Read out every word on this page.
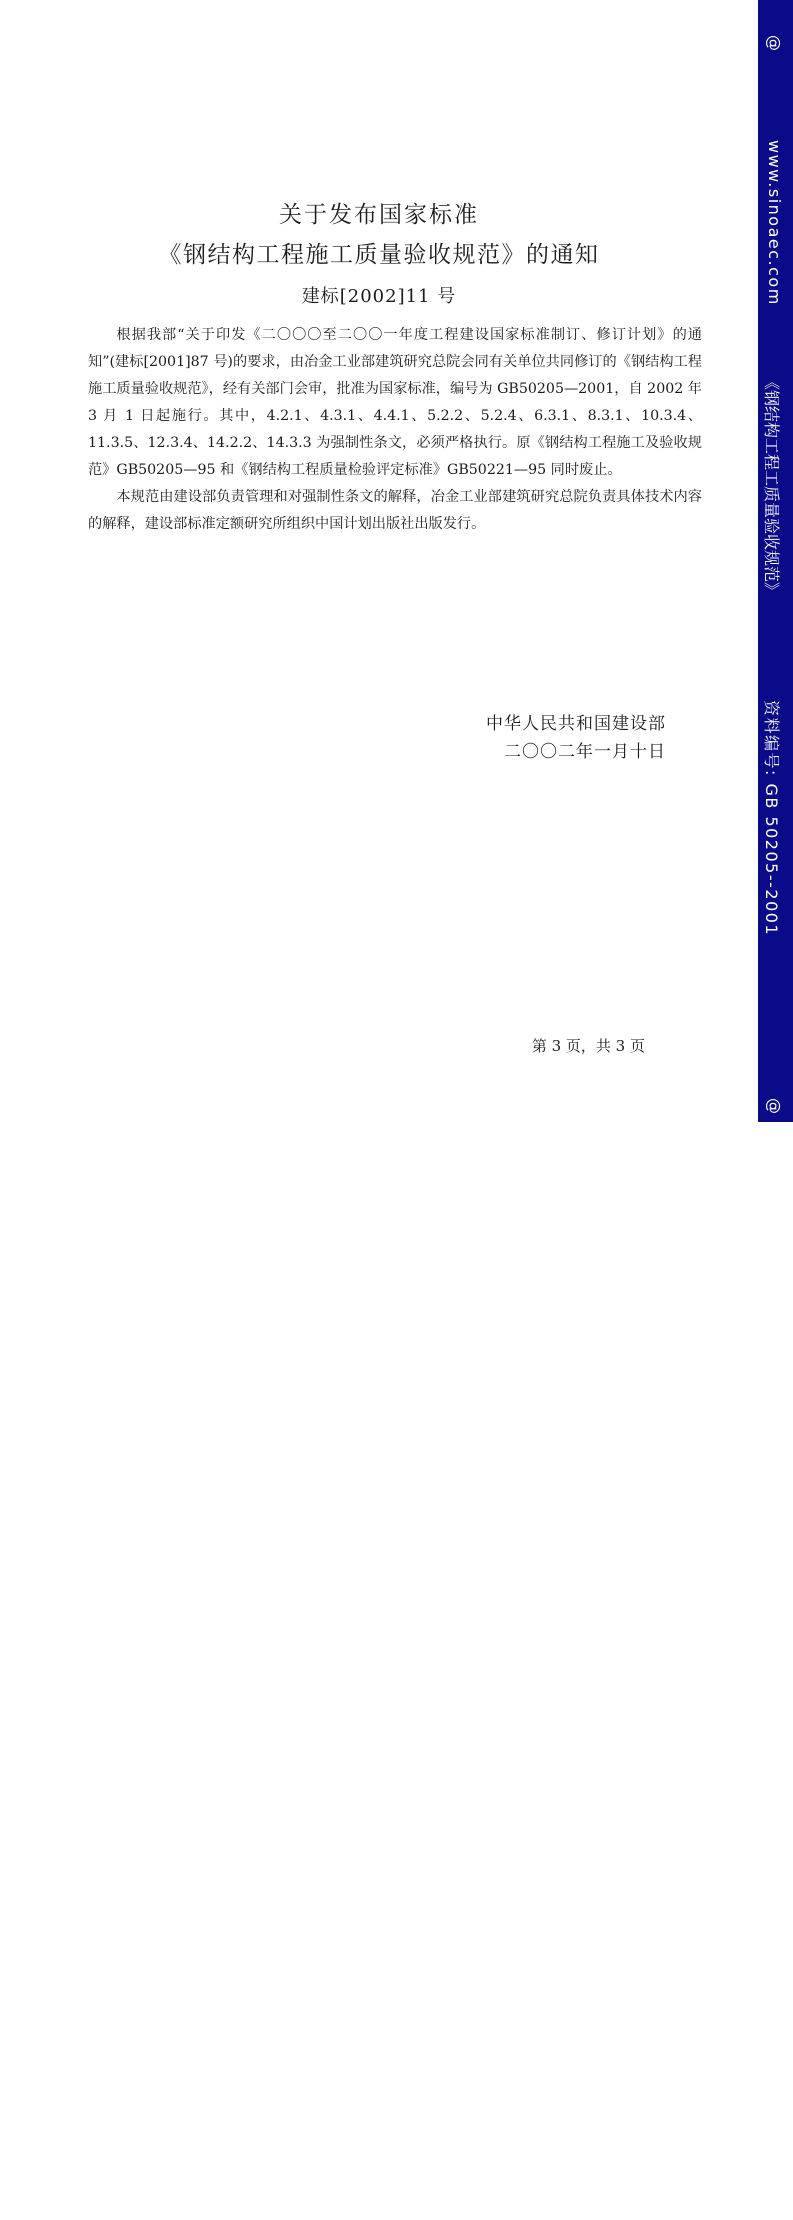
关于发布国家标准
《钢结构工程施工质量验收规范》的通知
建标[2002]11 号

根据我部“关于印发《二〇〇〇至二〇〇一年度工程建设国家标准制订、修订计划》的通知”(建标[2001]87 号)的要求，由冶金工业部建筑研究总院会同有关单位共同修订的《钢结构工程施工质量验收规范》，经有关部门会审，批准为国家标准，编号为 GB50205—2001，自 2002 年 3 月 1 日起施行。其中，4.2.1、4.3.1、4.4.1、5.2.2、5.2.4、6.3.1、8.3.1、10.3.4、11.3.5、12.3.4、14.2.2、14.3.3 为强制性条文，必须严格执行。原《钢结构工程施工及验收规范》GB50205—95 和《钢结构工程质量检验评定标准》GB50221—95 同时废止。

本规范由建设部负责管理和对强制性条文的解释，冶金工业部建筑研究总院负责具体技术内容的解释，建设部标准定额研究所组织中国计划出版社出版发行。

中华人民共和国建设部
二〇〇二年一月十日
第 3 页，共 3 页
@
www.sinoaec.com
《钢结构工程工质量验收规范》
资料编号: GB 50205--2001
@
